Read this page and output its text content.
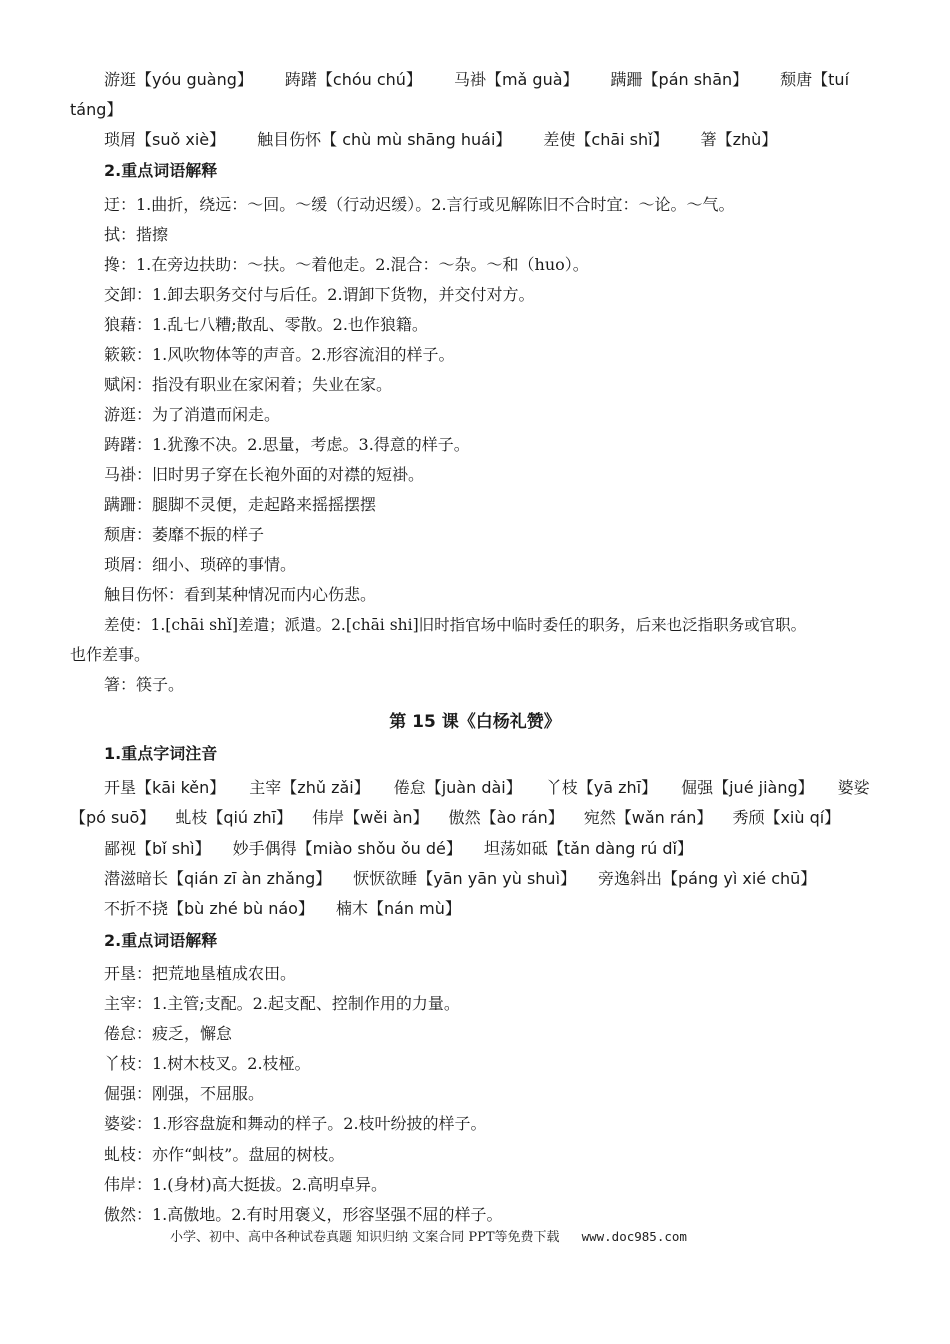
游逛【yóu guàng】 踌躇【chóu chú】 马褂【mǎ guà】 蹒跚【pán shān】 颓唐【tuí
táng】
琐屑【suǒ xiè】 触目伤怀【 chù mù shāng huái】 差使【chāi shǐ】 箸【zhù】
2.重点词语解释
迂：1.曲折，绕远：～回。～缓（行动迟缓）。2.言行或见解陈旧不合时宜：～论。～气。
拭：揩擦
搀：1.在旁边扶助：～扶。～着他走。2.混合：～杂。～和（huo）。
交卸：1.卸去职务交付与后任。2.谓卸下货物，并交付对方。
狼藉：1.乱七八糟;散乱、零散。2.也作狼籍。
簌簌：1.风吹物体等的声音。2.形容流泪的样子。
赋闲：指没有职业在家闲着；失业在家。
游逛：为了消遣而闲走。
踌躇：1.犹豫不决。2.思量，考虑。3.得意的样子。
马褂：旧时男子穿在长袍外面的对襟的短褂。
蹒跚：腿脚不灵便，走起路来摇摇摆摆
颓唐：萎靡不振的样子
琐屑：细小、琐碎的事情。
触目伤怀：看到某种情况而内心伤悲。
差使：1.[chāi shǐ]差遣；派遣。2.[chāi shi]旧时指官场中临时委任的职务，后来也泛指职务或官职。
也作差事。
箸：筷子。
第 15 课《白杨礼赞》
1.重点字词注音
开垦【kāi kěn】 主宰【zhǔ zǎi】 倦怠【juàn dài】 丫枝【yā zhī】 倔强【jué jiàng】 婆娑
【pó suō】 虬枝【qiú zhī】 伟岸【wěi àn】 傲然【ào rán】 宛然【wǎn rán】 秀颀【xiù qí】
鄙视【bǐ shì】 妙手偶得【miào shǒu ǒu dé】 坦荡如砥【tǎn dàng rú dǐ】
潜滋暗长【qián zī àn zhǎng】 恹恹欲睡【yān yān yù shuì】 旁逸斜出【páng yì xié chū】
不折不挠【bù zhé bù náo】 楠木【nán mù】
2.重点词语解释
开垦：把荒地垦植成农田。
主宰：1.主管;支配。2.起支配、控制作用的力量。
倦怠：疲乏，懈怠
丫枝：1.树木枝叉。2.枝桠。
倔强：刚强，不屈服。
婆娑：1.形容盘旋和舞动的样子。2.枝叶纷披的样子。
虬枝：亦作“虯枝”。盘屈的树枝。
伟岸：1.(身材)高大挺拔。2.高明卓异。
傲然：1.高傲地。2.有时用褒义，形容坚强不屈的样子。
小学、初中、高中各种试卷真题 知识归纳 文案合同 PPT等免费下载 www.doc985.com
